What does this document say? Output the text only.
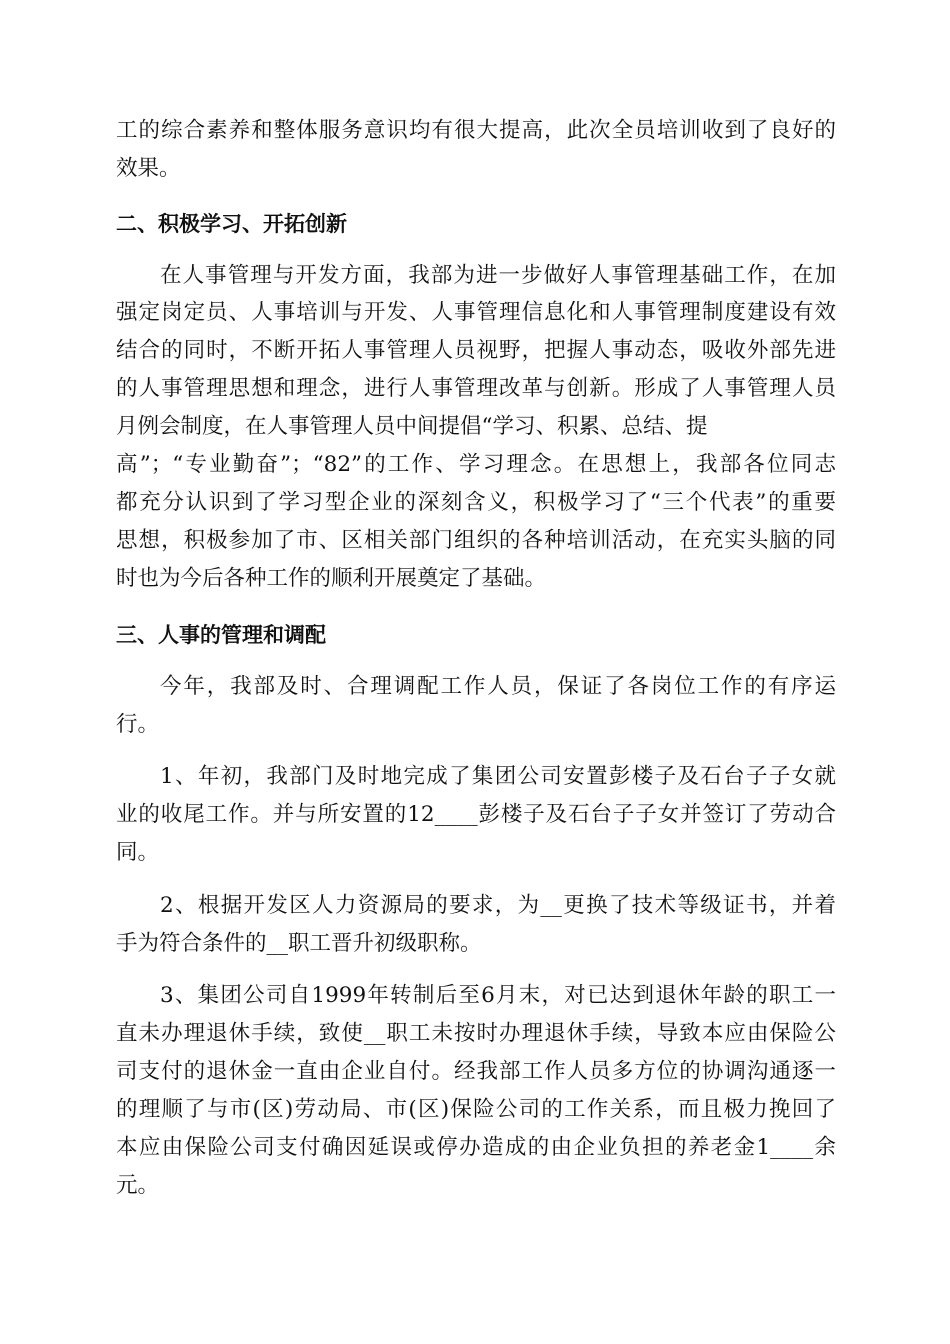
工的综合素养和整体服务意识均有很大提高，此次全员培训收到了良好的
效果。
二、积极学习、开拓创新
在人事管理与开发方面，我部为进一步做好人事管理基础工作，在加
强定岗定员、人事培训与开发、人事管理信息化和人事管理制度建设有效
结合的同时，不断开拓人事管理人员视野，把握人事动态，吸收外部先进
的人事管理思想和理念，进行人事管理改革与创新。形成了人事管理人员
月例会制度，在人事管理人员中间提倡“学习、积累、总结、提
高”；“专业勤奋”；“82”的工作、学习理念。在思想上，我部各位同志
都充分认识到了学习型企业的深刻含义，积极学习了“三个代表”的重要
思想，积极参加了市、区相关部门组织的各种培训活动，在充实头脑的同
时也为今后各种工作的顺利开展奠定了基础。
三、人事的管理和调配
今年，我部及时、合理调配工作人员，保证了各岗位工作的有序运
行。
1、年初，我部门及时地完成了集团公司安置彭楼子及石台子子女就
业的收尾工作。并与所安置的12____彭楼子及石台子子女并签订了劳动合
同。
2、根据开发区人力资源局的要求，为__更换了技术等级证书，并着
手为符合条件的__职工晋升初级职称。
3、集团公司自1999年转制后至6月末，对已达到退休年龄的职工一
直未办理退休手续，致使__职工未按时办理退休手续，导致本应由保险公
司支付的退休金一直由企业自付。经我部工作人员多方位的协调沟通逐一
的理顺了与市(区)劳动局、市(区)保险公司的工作关系，而且极力挽回了
本应由保险公司支付确因延误或停办造成的由企业负担的养老金1____余
元。
